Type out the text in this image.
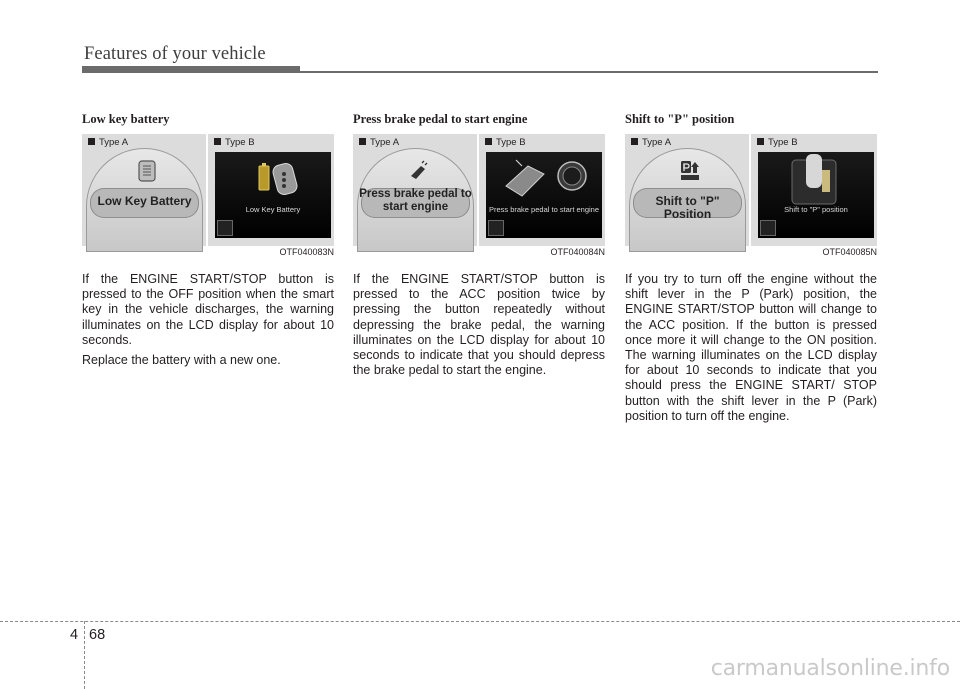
Features of your vehicle
Low key battery
Type A	Type B
Low Key Battery
Low Key Battery
OTF040083N

If the ENGINE START/STOP button is pressed to the OFF position when the smart key in the vehicle discharges, the warning illuminates on the LCD display for about 10 seconds.

Replace the battery with a new one.

Press brake pedal to start engine
Type A	Type B
Press brake pedal to start engine	Press brake pedal to start engine
OTF040084N

If the ENGINE START/STOP button is pressed to the ACC position twice by pressing the button repeatedly without depressing the brake pedal, the warning illuminates on the LCD display for about 10 seconds to indicate that you should depress the brake pedal to start the engine.

Shift to "P" position
Type A	Type B
Shift to "P" Position	Shift to "P" position
OTF040085N

If you try to turn off the engine without the shift lever in the P (Park) position, the ENGINE START/STOP button will change to the ACC position. If the button is pressed once more it will change to the ON position. The warning illuminates on the LCD display for about 10 seconds to indicate that you should press the ENGINE START/ STOP button with the shift lever in the P (Park) position to turn off the engine.

4 68
carmanualsonline.info
